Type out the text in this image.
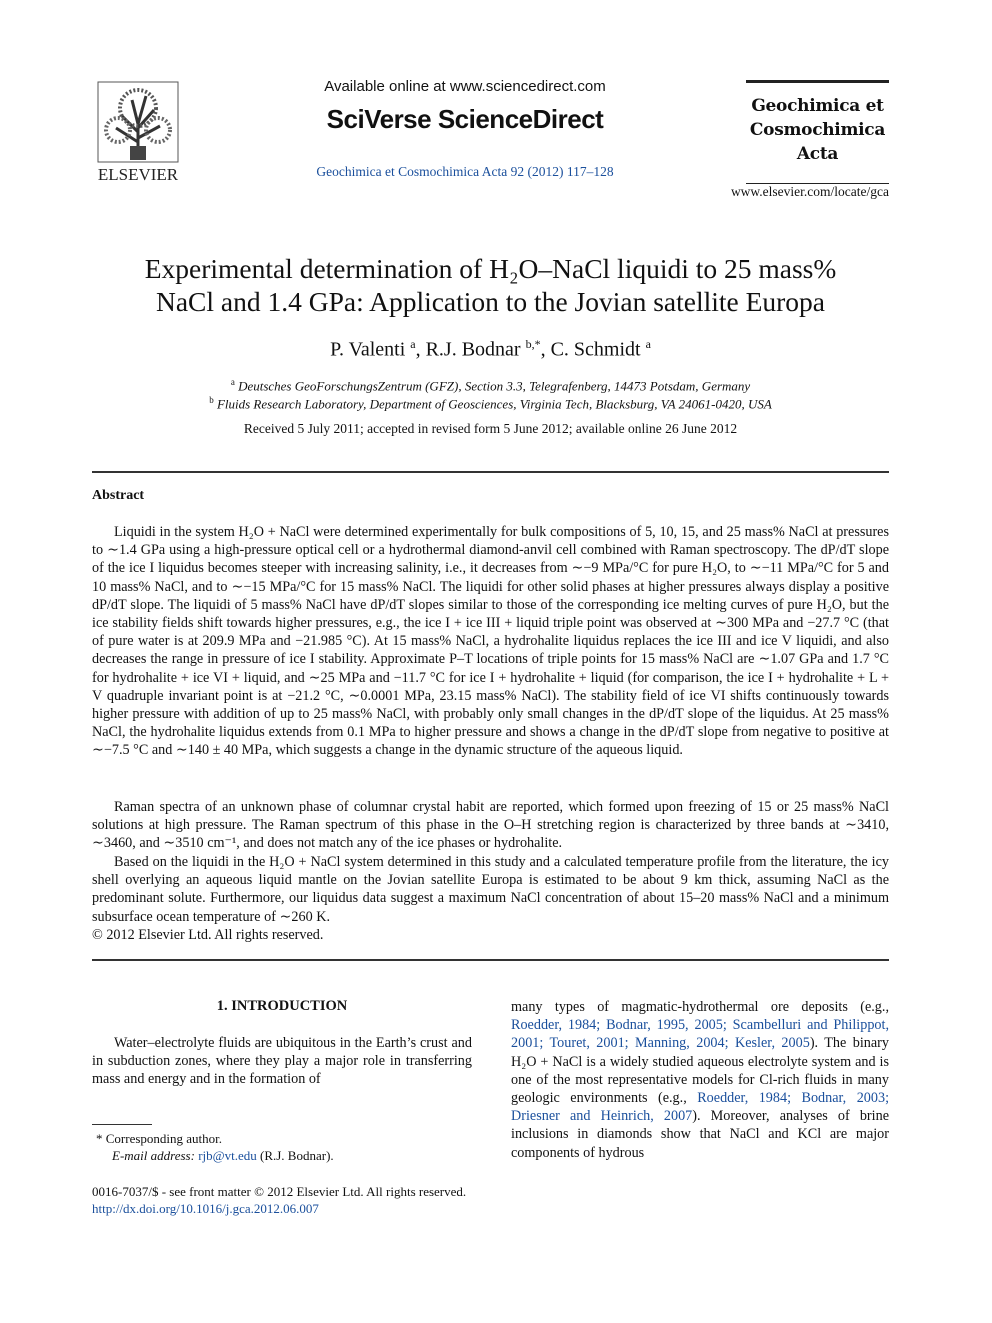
ELSEVIER
Available online at www.sciencedirect.com
SciVerse ScienceDirect
Geochimica et Cosmochimica Acta 92 (2012) 117–128
Geochimica et
Cosmochimica
Acta
www.elsevier.com/locate/gca
Experimental determination of H₂O–NaCl liquidi to 25 mass%
NaCl and 1.4 GPa: Application to the Jovian satellite Europa
P. Valenti $^a$, R.J. Bodnar $^{b,*}$, C. Schmidt $^a$
$^a$ Deutsches GeoForschungsZentrum (GFZ), Section 3.3, Telegrafenberg, 14473 Potsdam, Germany
$^b$ Fluids Research Laboratory, Department of Geosciences, Virginia Tech, Blacksburg, VA 24061-0420, USA
Received 5 July 2011; accepted in revised form 5 June 2012; available online 26 June 2012
Abstract
Liquidi in the system H₂O + NaCl were determined experimentally for bulk compositions of 5, 10, 15, and 25 mass% NaCl at pressures to ∼1.4 GPa using a high-pressure optical cell or a hydrothermal diamond-anvil cell combined with Raman spectroscopy. The dP/dT slope of the ice I liquidus becomes steeper with increasing salinity, i.e., it decreases from ∼−9 MPa/°C for pure H₂O, to ∼−11 MPa/°C for 5 and 10 mass% NaCl, and to ∼−15 MPa/°C for 15 mass% NaCl. The liquidi for other solid phases at higher pressures always display a positive dP/dT slope. The liquidi of 5 mass% NaCl have dP/dT slopes similar to those of the corresponding ice melting curves of pure H₂O, but the ice stability fields shift towards higher pressures, e.g., the ice I + ice III + liquid triple point was observed at ∼300 MPa and −27.7 °C (that of pure water is at 209.9 MPa and −21.985 °C). At 15 mass% NaCl, a hydrohalite liquidus replaces the ice III and ice V liquidi, and also decreases the range in pressure of ice I stability. Approximate P–T locations of triple points for 15 mass% NaCl are ∼1.07 GPa and 1.7 °C for hydrohalite + ice VI + liquid, and ∼25 MPa and −11.7 °C for ice I + hydrohalite + liquid (for comparison, the ice I + hydrohalite + L + V quadruple invariant point is at −21.2 °C, ∼0.0001 MPa, 23.15 mass% NaCl). The stability field of ice VI shifts continuously towards higher pressure with addition of up to 25 mass% NaCl, with probably only small changes in the dP/dT slope of the liquidus. At 25 mass% NaCl, the hydrohalite liquidus extends from 0.1 MPa to higher pressure and shows a change in the dP/dT slope from negative to positive at ∼−7.5 °C and ∼140 ± 40 MPa, which suggests a change in the dynamic structure of the aqueous liquid.
Raman spectra of an unknown phase of columnar crystal habit are reported, which formed upon freezing of 15 or 25 mass% NaCl solutions at high pressure. The Raman spectrum of this phase in the O–H stretching region is characterized by three bands at ∼3410, ∼3460, and ∼3510 cm⁻¹, and does not match any of the ice phases or hydrohalite.
Based on the liquidi in the H₂O + NaCl system determined in this study and a calculated temperature profile from the literature, the icy shell overlying an aqueous liquid mantle on the Jovian satellite Europa is estimated to be about 9 km thick, assuming NaCl as the predominant solute. Furthermore, our liquidus data suggest a maximum NaCl concentration of about 15–20 mass% NaCl and a minimum subsurface ocean temperature of ∼260 K.
© 2012 Elsevier Ltd. All rights reserved.
1. INTRODUCTION
Water–electrolyte fluids are ubiquitous in the Earth’s crust and in subduction zones, where they play a major role in transferring mass and energy and in the formation of
many types of magmatic-hydrothermal ore deposits (e.g., Roedder, 1984; Bodnar, 1995, 2005; Scambelluri and Philippot, 2001; Touret, 2001; Manning, 2004; Kesler, 2005). The binary H₂O + NaCl is a widely studied aqueous electrolyte system and is one of the most representative models for Cl-rich fluids in many geologic environments (e.g., Roedder, 1984; Bodnar, 2003; Driesner and Heinrich, 2007). Moreover, analyses of brine inclusions in diamonds show that NaCl and KCl are major components of hydrous
* Corresponding author.
E-mail address: rjb@vt.edu (R.J. Bodnar).
0016-7037/$ - see front matter © 2012 Elsevier Ltd. All rights reserved.
http://dx.doi.org/10.1016/j.gca.2012.06.007
